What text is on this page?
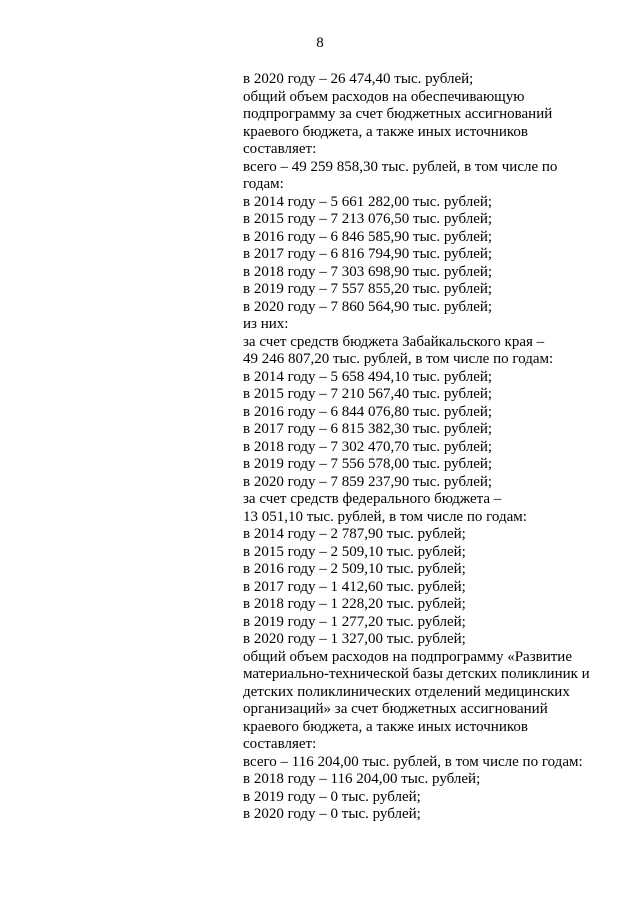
8
в 2020 году – 26 474,40 тыс. рублей;
общий объем расходов на обеспечивающую
подпрограмму за счет бюджетных ассигнований
краевого бюджета, а также иных источников
составляет:
всего – 49 259 858,30 тыс. рублей, в том числе по
годам:
в 2014 году – 5 661 282,00 тыс. рублей;
в 2015 году – 7 213 076,50 тыс. рублей;
в 2016 году – 6 846 585,90 тыс. рублей;
в 2017 году – 6 816 794,90 тыс. рублей;
в 2018 году – 7 303 698,90 тыс. рублей;
в 2019 году – 7 557 855,20 тыс. рублей;
в 2020 году – 7 860 564,90 тыс. рублей;
из них:
за счет средств бюджета Забайкальского края –
49 246 807,20 тыс. рублей, в том числе по годам:
в 2014 году – 5 658 494,10 тыс. рублей;
в 2015 году – 7 210 567,40 тыс. рублей;
в 2016 году – 6 844 076,80 тыс. рублей;
в 2017 году – 6 815 382,30 тыс. рублей;
в 2018 году – 7 302 470,70 тыс. рублей;
в 2019 году – 7 556 578,00 тыс. рублей;
в 2020 году – 7 859 237,90 тыс. рублей;
за счет средств федерального бюджета –
13 051,10 тыс. рублей, в том числе по годам:
в 2014 году – 2 787,90 тыс. рублей;
в 2015 году – 2 509,10 тыс. рублей;
в 2016 году – 2 509,10 тыс. рублей;
в 2017 году – 1 412,60 тыс. рублей;
в 2018 году – 1 228,20 тыс. рублей;
в 2019 году – 1 277,20 тыс. рублей;
в 2020 году – 1 327,00 тыс. рублей;
общий объем расходов на подпрограмму «Развитие
материально-технической базы детских поликлиник и
детских поликлинических отделений медицинских
организаций» за счет бюджетных ассигнований
краевого бюджета, а также иных источников
составляет:
всего – 116 204,00 тыс. рублей, в том числе по годам:
в 2018 году – 116 204,00 тыс. рублей;
в 2019 году – 0 тыс. рублей;
в 2020 году – 0 тыс. рублей;
